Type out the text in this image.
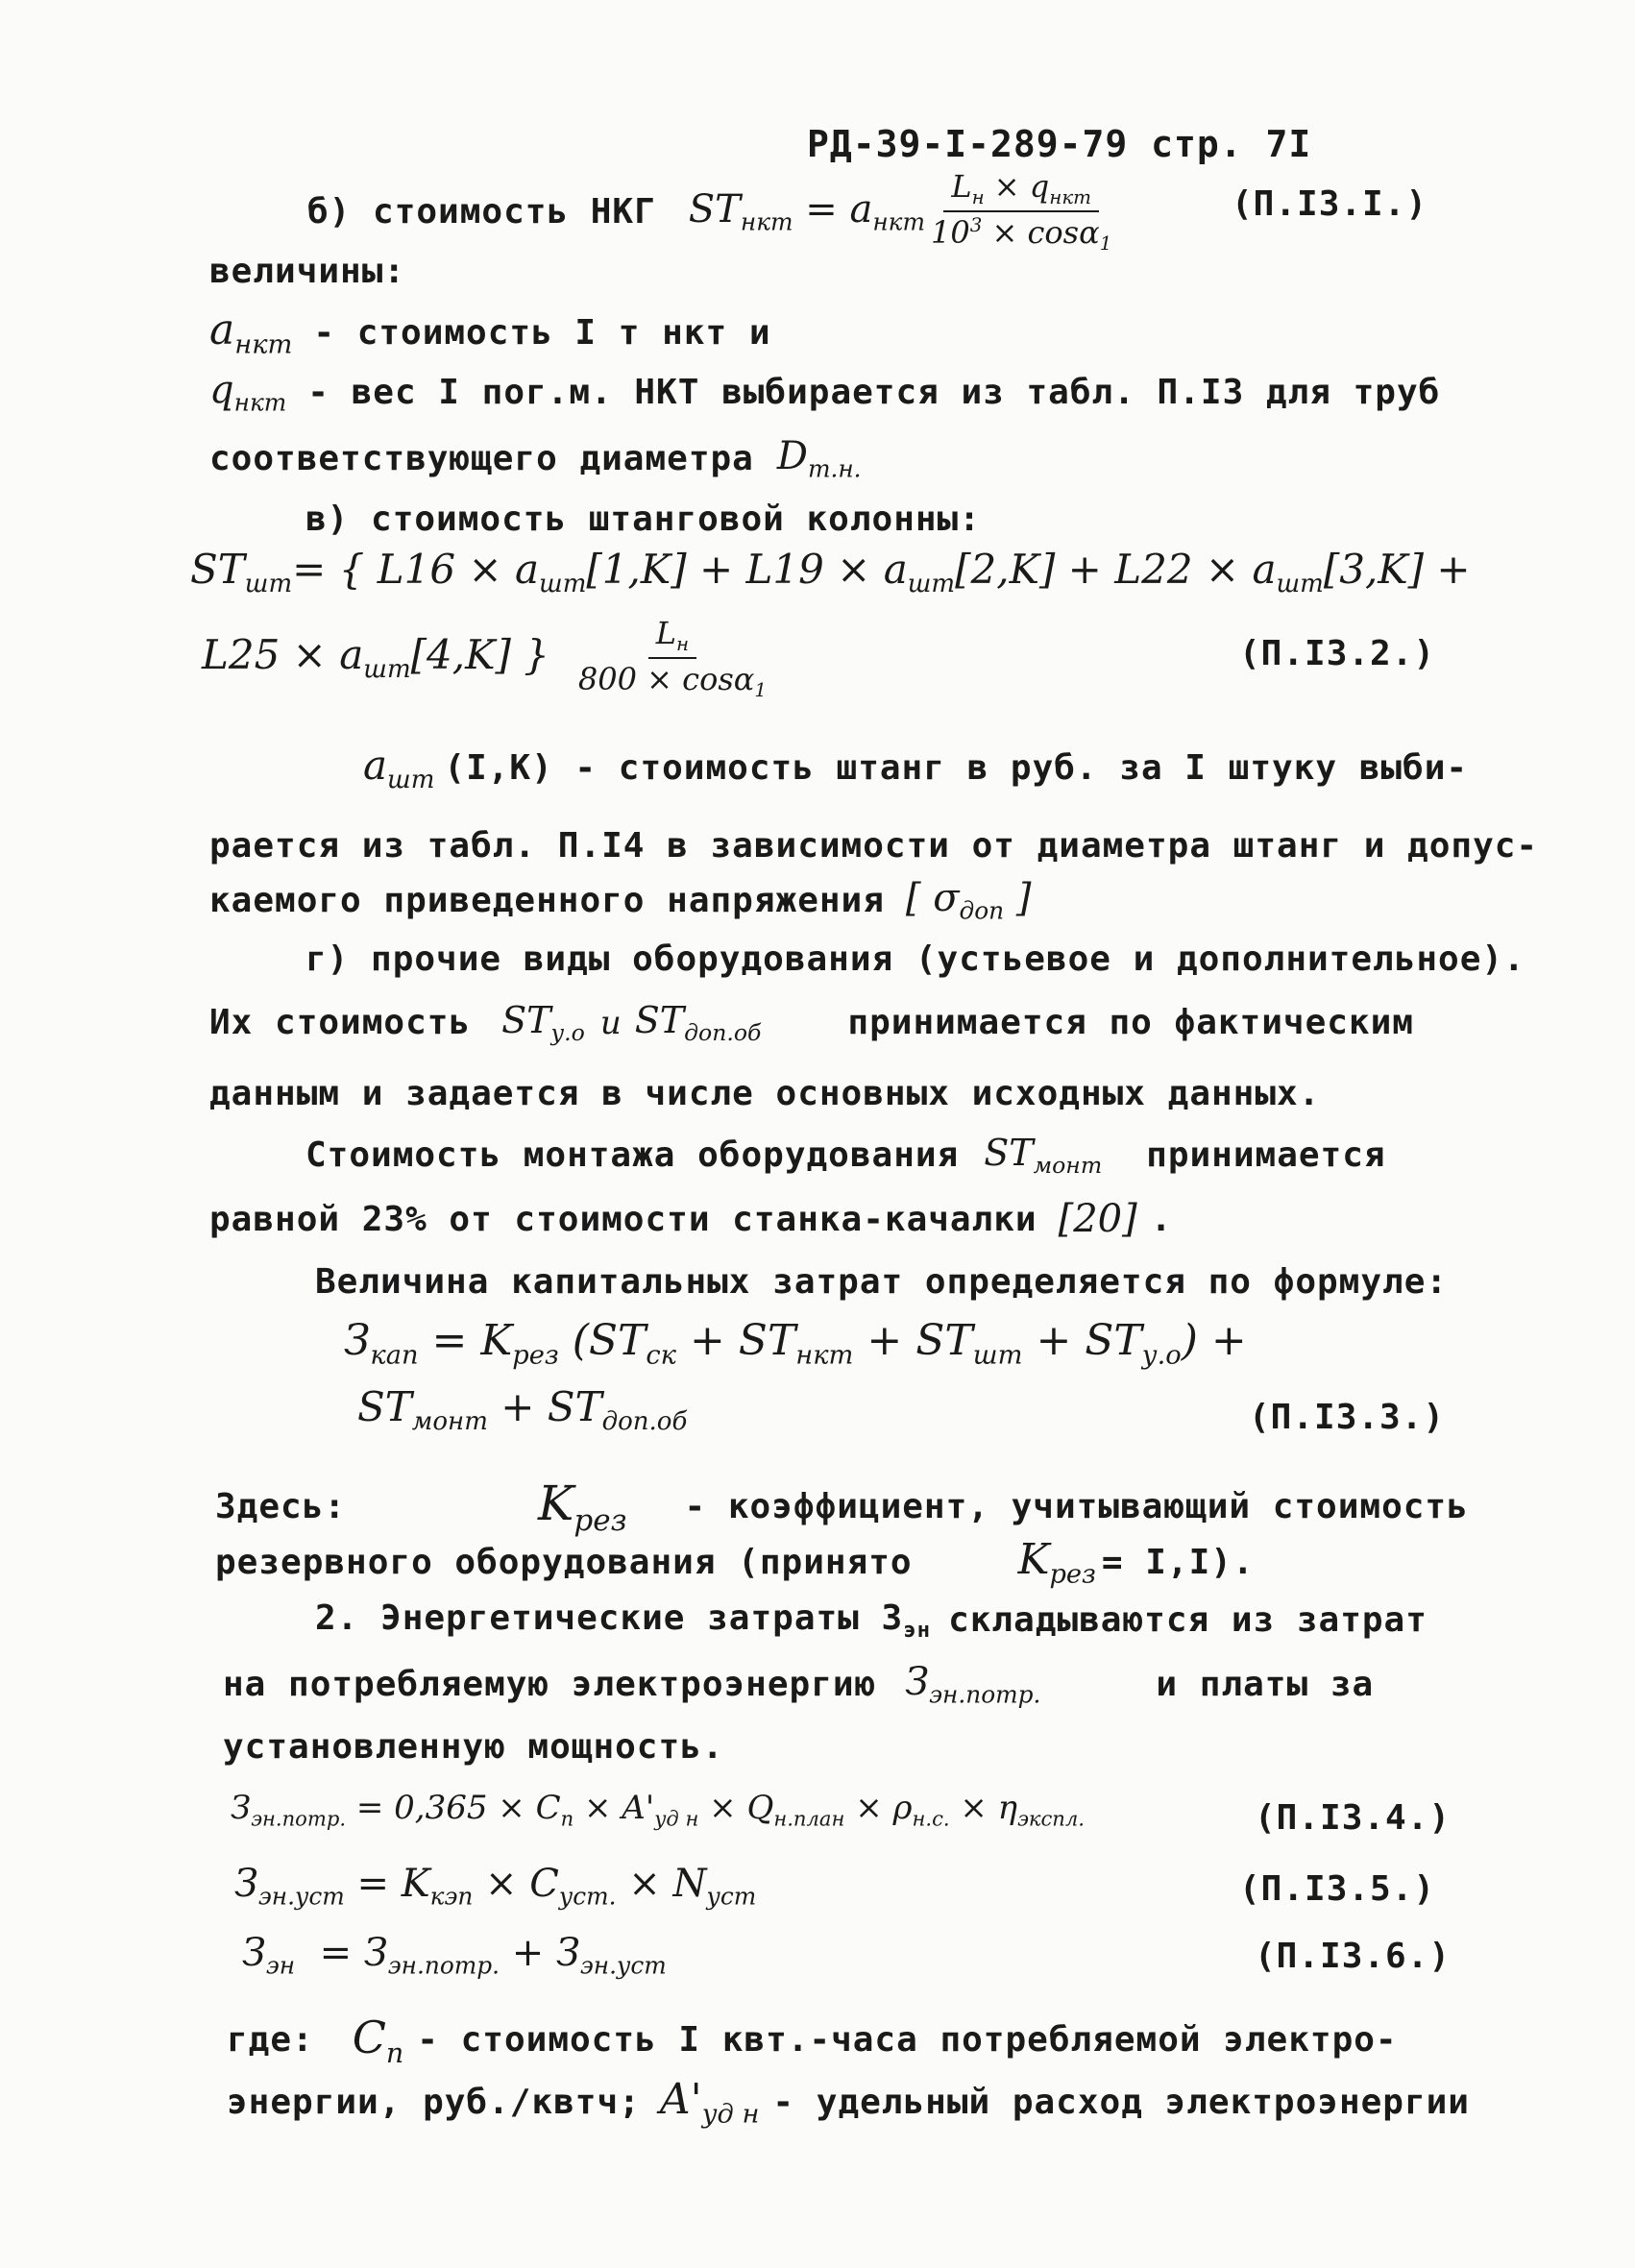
РД-39-I-289-79 стр. 7I
б) стоимость НКГ $ST_{нкт} = a_{нкт} \frac{L_н \times q_{нкт}}{10^3 \times \cos\alpha_1}$	(П.I3.I.)
величины:
$a_{нкт}$ - стоимость I т нкт и
$q_{нкт}$ - вес I пог.м. НКТ выбирается из табл. П.I3 для труб
соответствующего диаметра $D_{т.н.}$
в) стоимость штанговой колонны:
$ST_{шт}=$ { $L16 \times a_{шт}[1,K] + L19 \times a_{шт}[2,K] + L22 \times a_{шт}[3,K]$ +
$L25 \times a_{шт}[4,K]$ } $\frac{L_н}{800 \times \cos\alpha_1}$	(П.I3.2.)
$a_{шт}$ (I,K) - стоимость штанг в руб. за I штуку выби-
рается из табл. П.I4 в зависимости от диаметра штанг и допус-
каемого приведенного напряжения [ $\sigma_{доп}$ ]
г) прочие виды оборудования (устьевое и дополнительное).
Их стоимость $ST_{у.о}$ и $ST_{доп.об}$	принимается по фактическим
данным и задается в числе основных исходных данных.
Стоимость монтажа оборудования $ST_{монт}$ принимается
равной 23% от стоимости станка-качалки [20] .
Величина капитальных затрат определяется по формуле:
$З_{кап} = K_{рез}$ $(ST_{ск} + ST_{нкт} + ST_{шт} + ST_{у.о})$ +
$ST_{монт} + ST_{доп.об}$	(П.I3.3.)
Здесь:	$K_{рез}$ - коэффициент, учитывающий стоимость
резервного оборудования (принято	$K_{рез} = I,I$).
2. Энергетические затраты $З_{эн}$ складываются из затрат
на потребляемую электроэнергию $З_{эн.потр.}$	и платы за
установленную мощность.
$З_{эн.потр.} = 0,365 \times C_п \times A'_{уд н} \times Q_{н.план} \times \rho_{н.с.} \times \eta_{экспл.}$	(П.I3.4.)
$З_{эн.уст} = K_{кэп} \times C_{уст.} \times N_{уст}$	(П.I3.5.)
$З_{эн} = З_{эн.потр.} + З_{эн.уст}$	(П.I3.6.)
где: $C_п$ - стоимость I квт.-часа потребляемой электро-
энергии, руб./квтч; $A'_{уд н}$ - удельный расход электроэнергии
